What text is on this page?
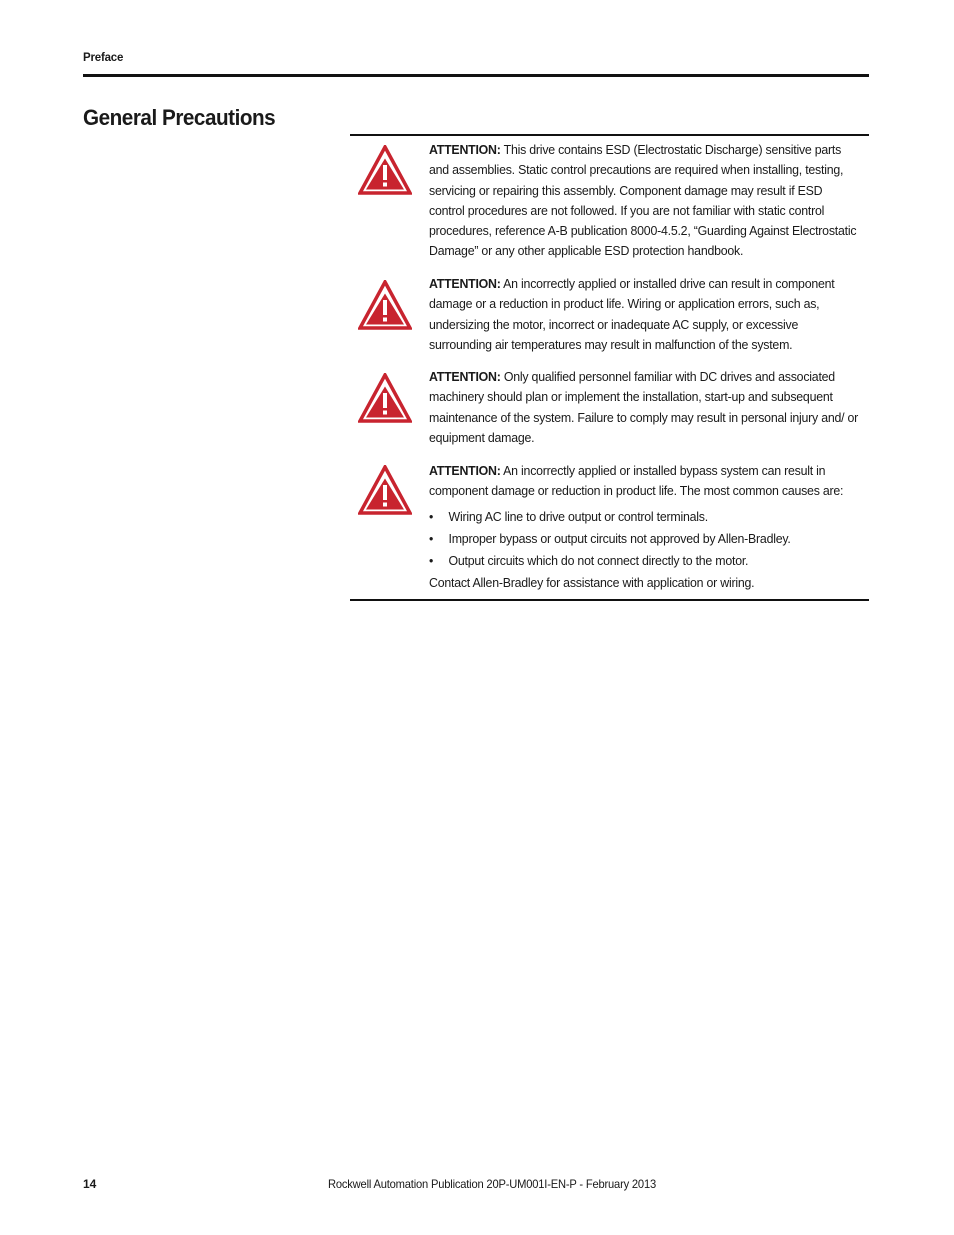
Preface
General Precautions

ATTENTION: This drive contains ESD (Electrostatic Discharge) sensitive parts and assemblies. Static control precautions are required when installing, testing, servicing or repairing this assembly. Component damage may result if ESD control procedures are not followed. If you are not familiar with static control procedures, reference A-B publication 8000-4.5.2, “Guarding Against Electrostatic Damage” or any other applicable ESD protection handbook.

ATTENTION: An incorrectly applied or installed drive can result in component damage or a reduction in product life. Wiring or application errors, such as, undersizing the motor, incorrect or inadequate AC supply, or excessive surrounding air temperatures may result in malfunction of the system.

ATTENTION: Only qualified personnel familiar with DC drives and associated machinery should plan or implement the installation, start-up and subsequent maintenance of the system. Failure to comply may result in personal injury and/ or equipment damage.

ATTENTION: An incorrectly applied or installed bypass system can result in component damage or reduction in product life. The most common causes are:

• Wiring AC line to drive output or control terminals.
• Improper bypass or output circuits not approved by Allen-Bradley.
• Output circuits which do not connect directly to the motor.

Contact Allen-Bradley for assistance with application or wiring.

14	Rockwell Automation Publication 20P-UM001I-EN-P - February 2013
